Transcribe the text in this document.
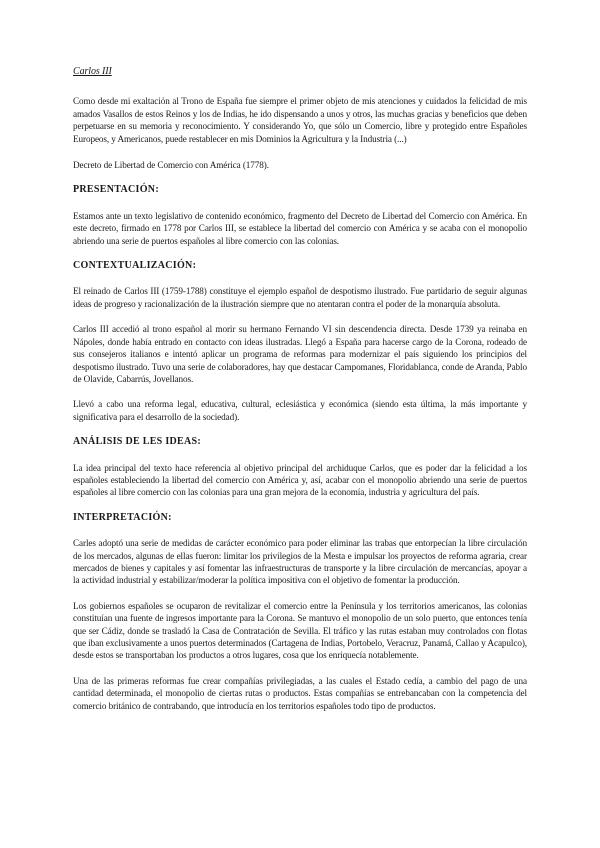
Carlos III

Como desde mi exaltación al Trono de España fue siempre el primer objeto de mis atenciones y cuidados la felicidad de mis amados Vasallos de estos Reinos y los de Indias, he ido dispensando a unos y otros, las muchas gracias y beneficios que deben perpetuarse en su memoria y reconocimiento. Y considerando Yo, que sólo un Comercio, libre y protegido entre Españoles Europeos, y Americanos, puede restablecer en mis Dominios la Agricultura y la Industria (...)

Decreto de Libertad de Comercio con América (1778).

PRESENTACIÓN:

Estamos ante un texto legislativo de contenido económico, fragmento del Decreto de Libertad del Comercio con América. En este decreto, firmado en 1778 por Carlos III, se establece la libertad del comercio con América y se acaba con el monopolio abriendo una serie de puertos españoles al libre comercio con las colonias.

CONTEXTUALIZACIÓN:

El reinado de Carlos III (1759-1788) constituye el ejemplo español de despotismo ilustrado. Fue partidario de seguir algunas ideas de progreso y racionalización de la ilustración siempre que no atentaran contra el poder de la monarquía absoluta.

Carlos III accedió al trono español al morir su hermano Fernando VI sin descendencia directa. Desde 1739 ya reinaba en Nápoles, donde había entrado en contacto con ideas ilustradas. Llegó a España para hacerse cargo de la Corona, rodeado de sus consejeros italianos e intentó aplicar un programa de reformas para modernizar el país siguiendo los principios del despotismo ilustrado. Tuvo una serie de colaboradores, hay que destacar Campomanes, Floridablanca, conde de Aranda, Pablo de Olavide, Cabarrús, Jovellanos.

Llevó a cabo una reforma legal, educativa, cultural, eclesiástica y económica (siendo esta última, la más importante y significativa para el desarrollo de la sociedad).

ANÁLISIS DE LES IDEAS:

La idea principal del texto hace referencia al objetivo principal del archiduque Carlos, que es poder dar la felicidad a los españoles estableciendo la libertad del comercio con América y, así, acabar con el monopolio abriendo una serie de puertos españoles al libre comercio con las colonias para una gran mejora de la economía, industria y agricultura del país.

INTERPRETACIÓN:

Carles adoptó una serie de medidas de carácter económico para poder eliminar las trabas que entorpecían la libre circulación de los mercados, algunas de ellas fueron: limitar los privilegios de la Mesta e impulsar los proyectos de reforma agraria, crear mercados de bienes y capitales y así fomentar las infraestructuras de transporte y la libre circulación de mercancías, apoyar a la actividad industrial y estabilizar/moderar la política impositiva con el objetivo de fomentar la producción.

Los gobiernos españoles se ocuparon de revitalizar el comercio entre la Península y los territorios americanos, las colonias constituían una fuente de ingresos importante para la Corona. Se mantuvo el monopolio de un solo puerto, que entonces tenía que ser Cádiz, donde se trasladó la Casa de Contratación de Sevilla. El tráfico y las rutas estaban muy controlados con flotas que iban exclusivamente a unos puertos determinados (Cartagena de Indias, Portobelo, Veracruz, Panamá, Callao y Acapulco), desde estos se transportaban los productos a otros lugares, cosa que los enriquecía notablemente.

Una de las primeras reformas fue crear compañías privilegiadas, a las cuales el Estado cedía, a cambio del pago de una cantidad determinada, el monopolio de ciertas rutas o productos. Estas compañías se entrebancaban con la competencia del comercio británico de contrabando, que introducía en los territorios españoles todo tipo de productos.
